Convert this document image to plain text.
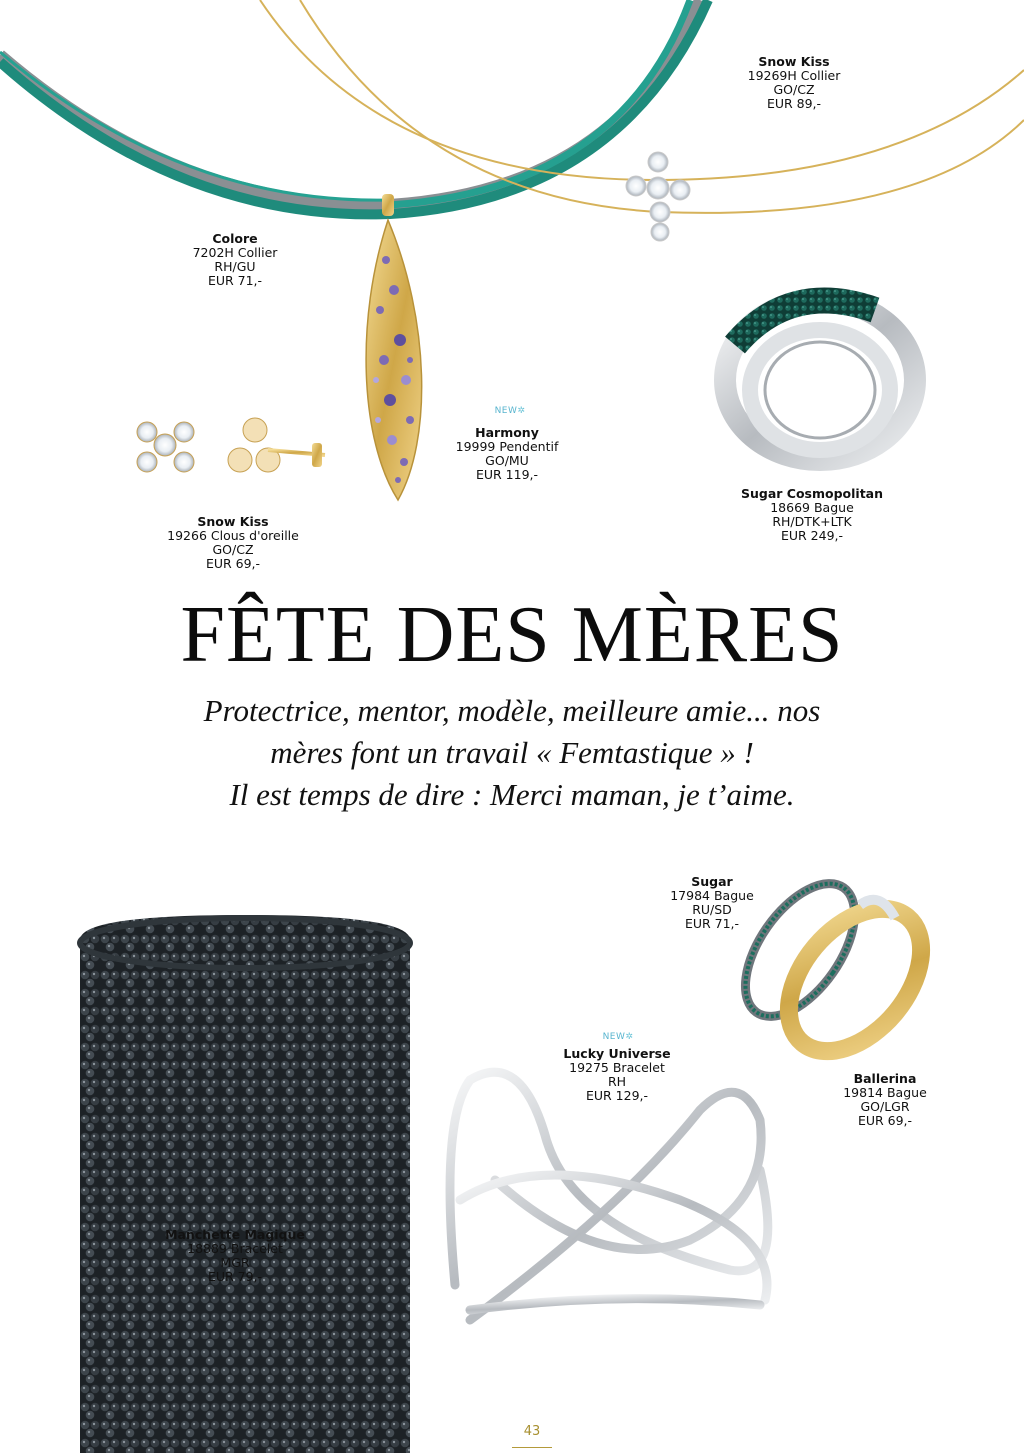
Snow Kiss
19269H Collier
GO/CZ
EUR 89,-
Colore
7202H Collier
RH/GU
EUR 71,-
NEW✲
Harmony
19999 Pendentif
GO/MU
EUR 119,-
Sugar Cosmopolitan
18669 Bague
RH/DTK+LTK
EUR 249,-
Snow Kiss
19266 Clous d'oreille
GO/CZ
EUR 69,-
FÊTE DES MÈRES
Protectrice, mentor, modèle, meilleure amie... nos
mères font un travail « Femtastique » !
Il est temps de dire : Merci maman, je t’aime.
Sugar
17984 Bague
RU/SD
EUR 71,-
NEW✲
Lucky Universe
19275 Bracelet
RH
EUR 129,-
Ballerina
19814 Bague
GO/LGR
EUR 69,-
Manchette Magique
18889 Bracelet
MGR
EUR 79,-
43
